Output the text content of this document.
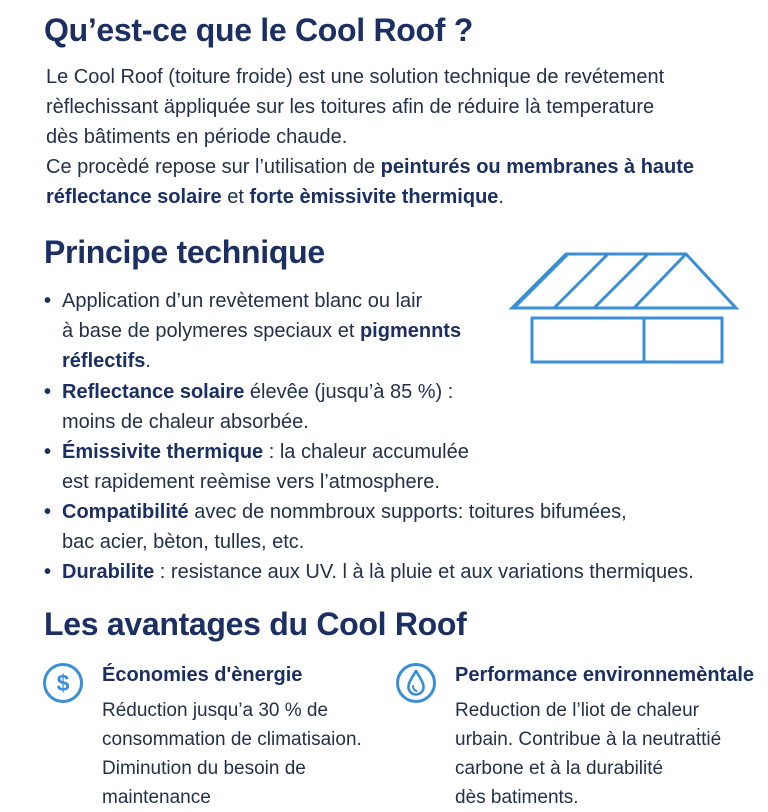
Qu’est-ce que le Cool Roof ?

Le Cool Roof (toiture froide) est une solution technique de revétement
rèflechissant äppliquée sur les toitures afin de réduire là temperature
dès bâtiments en période chaude.

Ce procèdé repose sur l’utilisation de peinturés ou membranes à haute
réflectance solaire et forte èmissivite thermique.

Principe technique
• Application d’un revètement blanc ou lair
à base de polymeres speciaux et pigmennts
réflectifs.
• Reflectance solaire élevêe (jusqu’à 85 %) :
moins de chaleur absorbée.
• Émissivite thermique : la chaleur accumulée
est rapidement reèmise vers l’atmosphere.
• Compatibilité avec de nommbroux supports: toitures bifumées,
bac acier, bèton, tulles, etc.
• Durabilite : resistance aux UV. l à là pluie et aux variations thermiques.
Les avantages du Cool Roof
$ Économies d'ènergie
Réduction jusqu’a 30 % de
consommation de climatisaion.
Diminution du besoin de
maintenance
Performance environnemèntale
Reduction de l’liot de chaleur
urbain. Contribue à la neutraṫtié
carbone et à la durabilité
dès batiments.
